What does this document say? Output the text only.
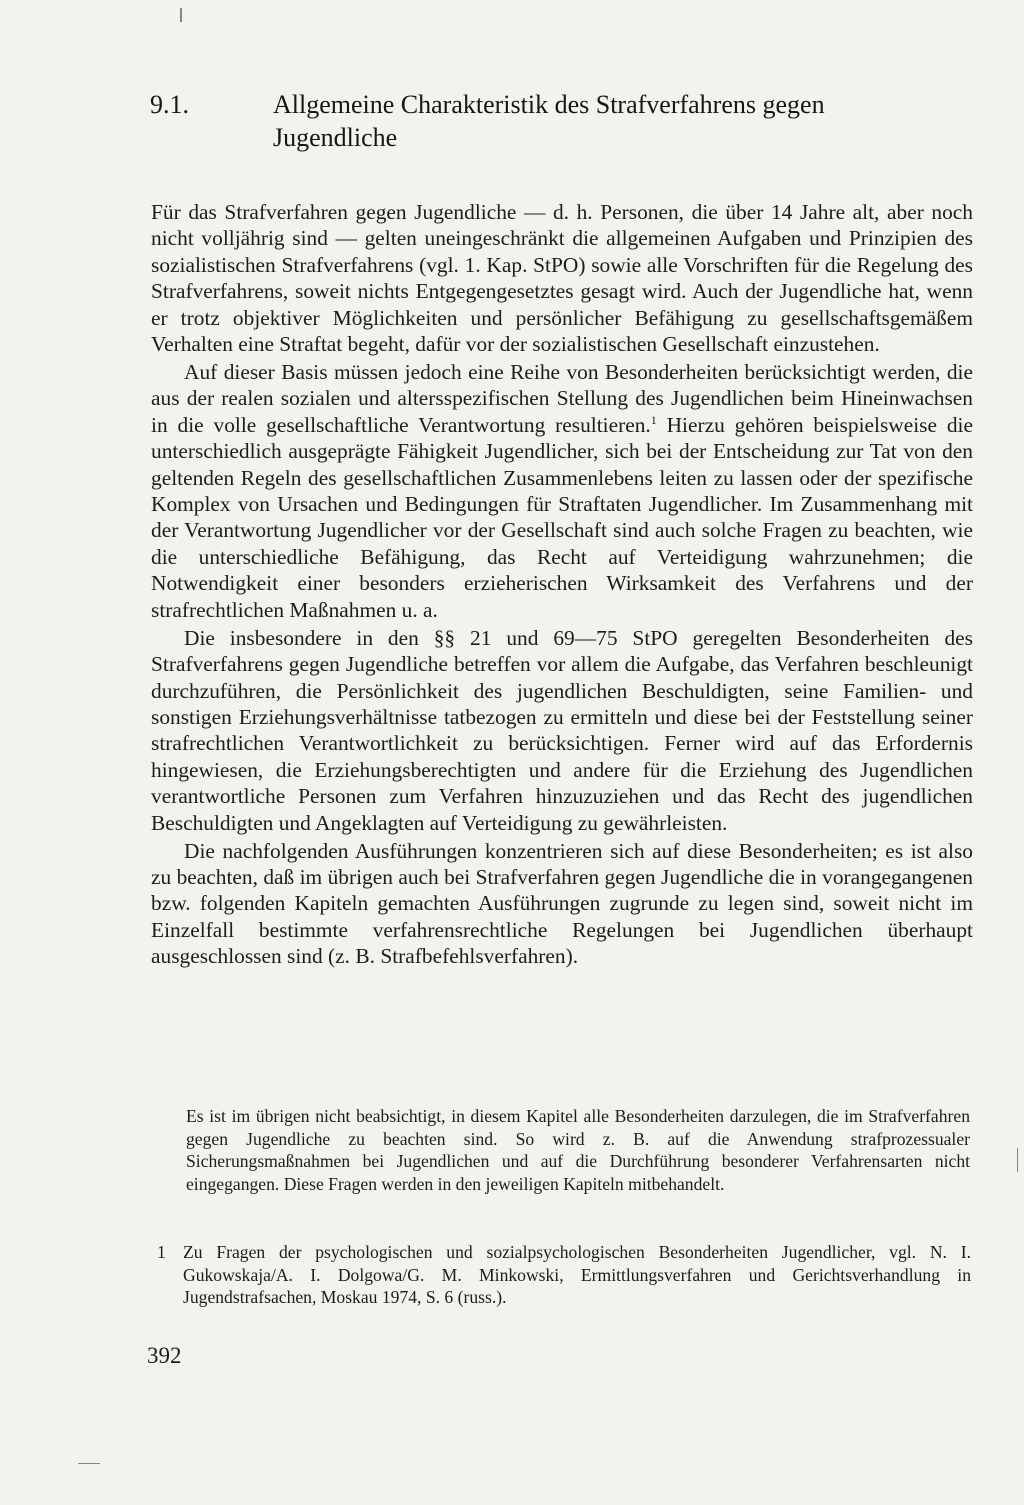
9.1.	Allgemeine Charakteristik des Strafverfahrens gegen Jugendliche

Für das Strafverfahren gegen Jugendliche — d. h. Personen, die über 14 Jahre alt, aber noch nicht volljährig sind — gelten uneingeschränkt die allgemeinen Aufgaben und Prinzipien des sozialistischen Strafverfahrens (vgl. 1. Kap. StPO) sowie alle Vorschriften für die Regelung des Strafverfahrens, soweit nichts Entgegengesetztes gesagt wird. Auch der Jugendliche hat, wenn er trotz objektiver Möglichkeiten und persönlicher Befähigung zu gesellschaftsgemäßem Verhalten eine Straftat begeht, dafür vor der sozialistischen Gesellschaft einzustehen.

Auf dieser Basis müssen jedoch eine Reihe von Besonderheiten berücksichtigt werden, die aus der realen sozialen und altersspezifischen Stellung des Jugendlichen beim Hineinwachsen in die volle gesellschaftliche Verantwortung resultieren.$^1$ Hierzu gehören beispielsweise die unterschiedlich ausgeprägte Fähigkeit Jugendlicher, sich bei der Entscheidung zur Tat von den geltenden Regeln des gesellschaftlichen Zusammenlebens leiten zu lassen oder der spezifische Komplex von Ursachen und Bedingungen für Straftaten Jugendlicher. Im Zusammenhang mit der Verantwortung Jugendlicher vor der Gesellschaft sind auch solche Fragen zu beachten, wie die unterschiedliche Befähigung, das Recht auf Verteidigung wahrzunehmen; die Notwendigkeit einer besonders erzieherischen Wirksamkeit des Verfahrens und der strafrechtlichen Maßnahmen u. a.

Die insbesondere in den §§ 21 und 69—75 StPO geregelten Besonderheiten des Strafverfahrens gegen Jugendliche betreffen vor allem die Aufgabe, das Verfahren beschleunigt durchzuführen, die Persönlichkeit des jugendlichen Beschuldigten, seine Familien- und sonstigen Erziehungsverhältnisse tatbezogen zu ermitteln und diese bei der Feststellung seiner strafrechtlichen Verantwortlichkeit zu berücksichtigen. Ferner wird auf das Erfordernis hingewiesen, die Erziehungsberechtigten und andere für die Erziehung des Jugendlichen verantwortliche Personen zum Verfahren hinzuzuziehen und das Recht des jugendlichen Beschuldigten und Angeklagten auf Verteidigung zu gewährleisten.

Die nachfolgenden Ausführungen konzentrieren sich auf diese Besonderheiten; es ist also zu beachten, daß im übrigen auch bei Strafverfahren gegen Jugendliche die in vorangegangenen bzw. folgenden Kapiteln gemachten Ausführungen zugrunde zu legen sind, soweit nicht im Einzelfall bestimmte verfahrensrechtliche Regelungen bei Jugendlichen überhaupt ausgeschlossen sind (z. B. Strafbefehlsverfahren).

Es ist im übrigen nicht beabsichtigt, in diesem Kapitel alle Besonderheiten darzulegen, die im Strafverfahren gegen Jugendliche zu beachten sind. So wird z. B. auf die Anwendung strafprozessualer Sicherungsmaßnahmen bei Jugendlichen und auf die Durchführung besonderer Verfahrensarten nicht eingegangen. Diese Fragen werden in den jeweiligen Kapiteln mitbehandelt.

1 Zu Fragen der psychologischen und sozialpsychologischen Besonderheiten Jugendlicher, vgl. N. I. Gukowskaja/A. I. Dolgowa/G. M. Minkowski, Ermittlungsverfahren und Gerichtsverhandlung in Jugendstrafsachen, Moskau 1974, S. 6 (russ.).
392
